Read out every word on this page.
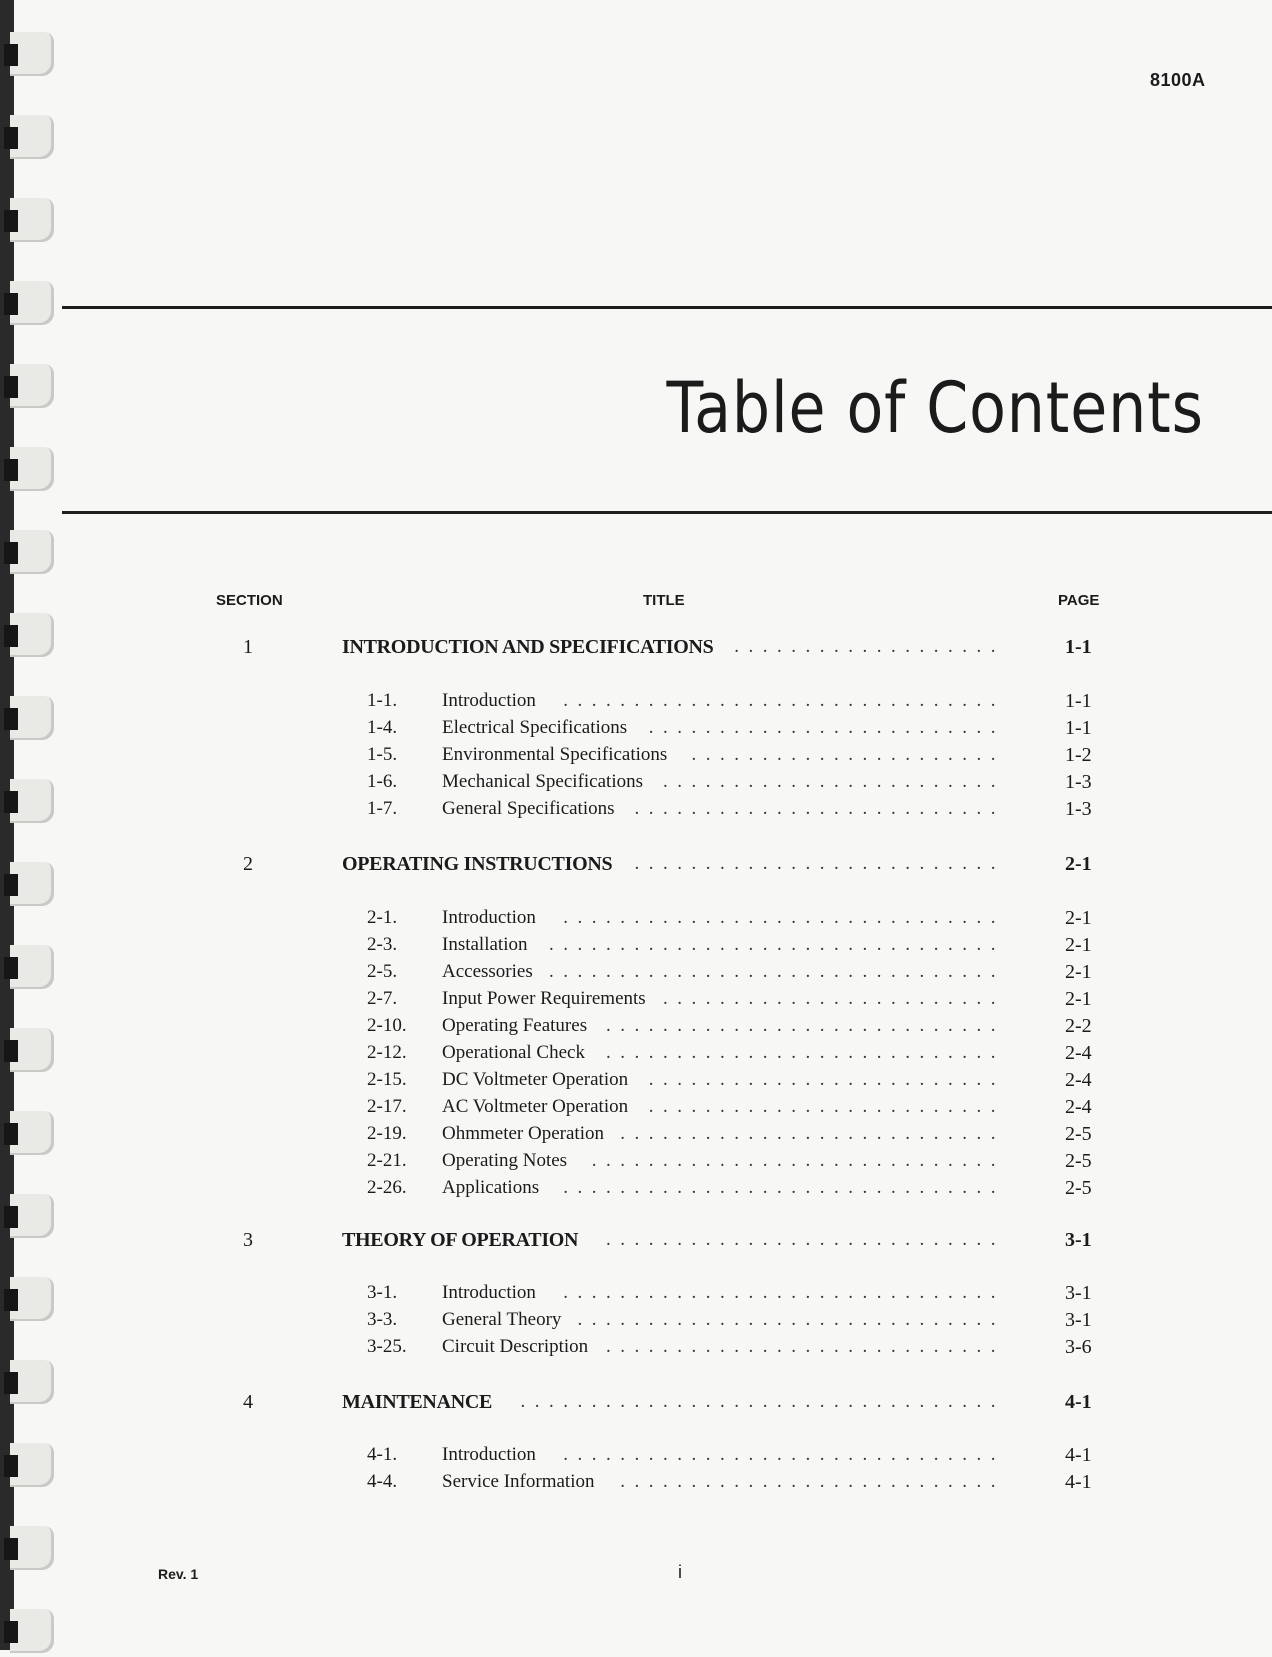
8100A
Table of Contents
SECTION	TITLE	PAGE
1	INTRODUCTION AND SPECIFICATIONS	1-1
...................
1-1. Introduction	1-1
...............................
1-4. Electrical Specifications	1-1
.........................
1-5. Environmental Specifications	1-2
......................
1-6. Mechanical Specifications	1-3
........................
1-7. General Specifications	1-3
..........................
2	OPERATING INSTRUCTIONS	2-1
..........................
2-1. Introduction	2-1
...............................
2-3. Installation	2-1
................................
2-5. Accessories	2-1
................................
2-7. Input Power Requirements	2-1
........................
2-10. Operating Features	2-2
............................
2-12. Operational Check	2-4
............................
2-15. DC Voltmeter Operation	2-4
.........................
2-17. AC Voltmeter Operation	2-4
.........................
2-19. Ohmmeter Operation	2-5
...........................
2-21. Operating Notes	2-5
.............................
2-26. Applications	2-5
...............................
3	THEORY OF OPERATION	3-1
............................
3-1. Introduction	3-1
...............................
3-3. General Theory	3-1
..............................
3-25. Circuit Description	3-6
............................
4	MAINTENANCE	4-1
..................................
4-1. Introduction	4-1
...............................
4-4. Service Information	4-1
...........................
Rev. 1	i
